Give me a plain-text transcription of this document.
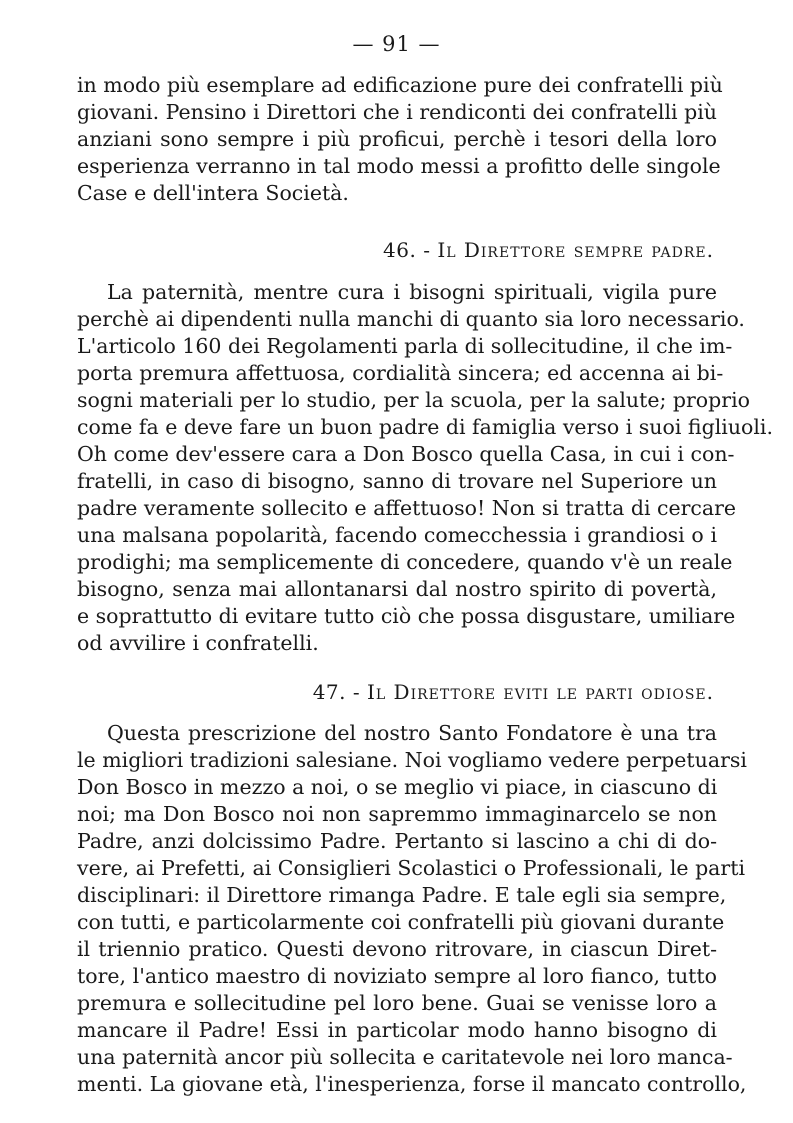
— 91 —
in modo più esemplare ad edificazione pure dei confratelli più
giovani. Pensino i Direttori che i rendiconti dei confratelli più
anziani sono sempre i più proficui, perchè i tesori della loro
esperienza verranno in tal modo messi a profitto delle singole
Case e dell'intera Società.
46. - Il Direttore sempre padre.
La paternità, mentre cura i bisogni spirituali, vigila pure
perchè ai dipendenti nulla manchi di quanto sia loro necessario.
L'articolo 160 dei Regolamenti parla di sollecitudine, il che im-
porta premura affettuosa, cordialità sincera; ed accenna ai bi-
sogni materiali per lo studio, per la scuola, per la salute; proprio
come fa e deve fare un buon padre di famiglia verso i suoi figliuoli.
Oh come dev'essere cara a Don Bosco quella Casa, in cui i con-
fratelli, in caso di bisogno, sanno di trovare nel Superiore un
padre veramente sollecito e affettuoso! Non si tratta di cercare
una malsana popolarità, facendo comecchessia i grandiosi o i
prodighi; ma semplicemente di concedere, quando v'è un reale
bisogno, senza mai allontanarsi dal nostro spirito di povertà,
e soprattutto di evitare tutto ciò che possa disgustare, umiliare
od avvilire i confratelli.
47. - Il Direttore eviti le parti odiose.
Questa prescrizione del nostro Santo Fondatore è una tra
le migliori tradizioni salesiane. Noi vogliamo vedere perpetuarsi
Don Bosco in mezzo a noi, o se meglio vi piace, in ciascuno di
noi; ma Don Bosco noi non sapremmo immaginarcelo se non
Padre, anzi dolcissimo Padre. Pertanto si lascino a chi di do-
vere, ai Prefetti, ai Consiglieri Scolastici o Professionali, le parti
disciplinari: il Direttore rimanga Padre. E tale egli sia sempre,
con tutti, e particolarmente coi confratelli più giovani durante
il triennio pratico. Questi devono ritrovare, in ciascun Diret-
tore, l'antico maestro di noviziato sempre al loro fianco, tutto
premura e sollecitudine pel loro bene. Guai se venisse loro a
mancare il Padre! Essi in particolar modo hanno bisogno di
una paternità ancor più sollecita e caritatevole nei loro manca-
menti. La giovane età, l'inesperienza, forse il mancato controllo,
